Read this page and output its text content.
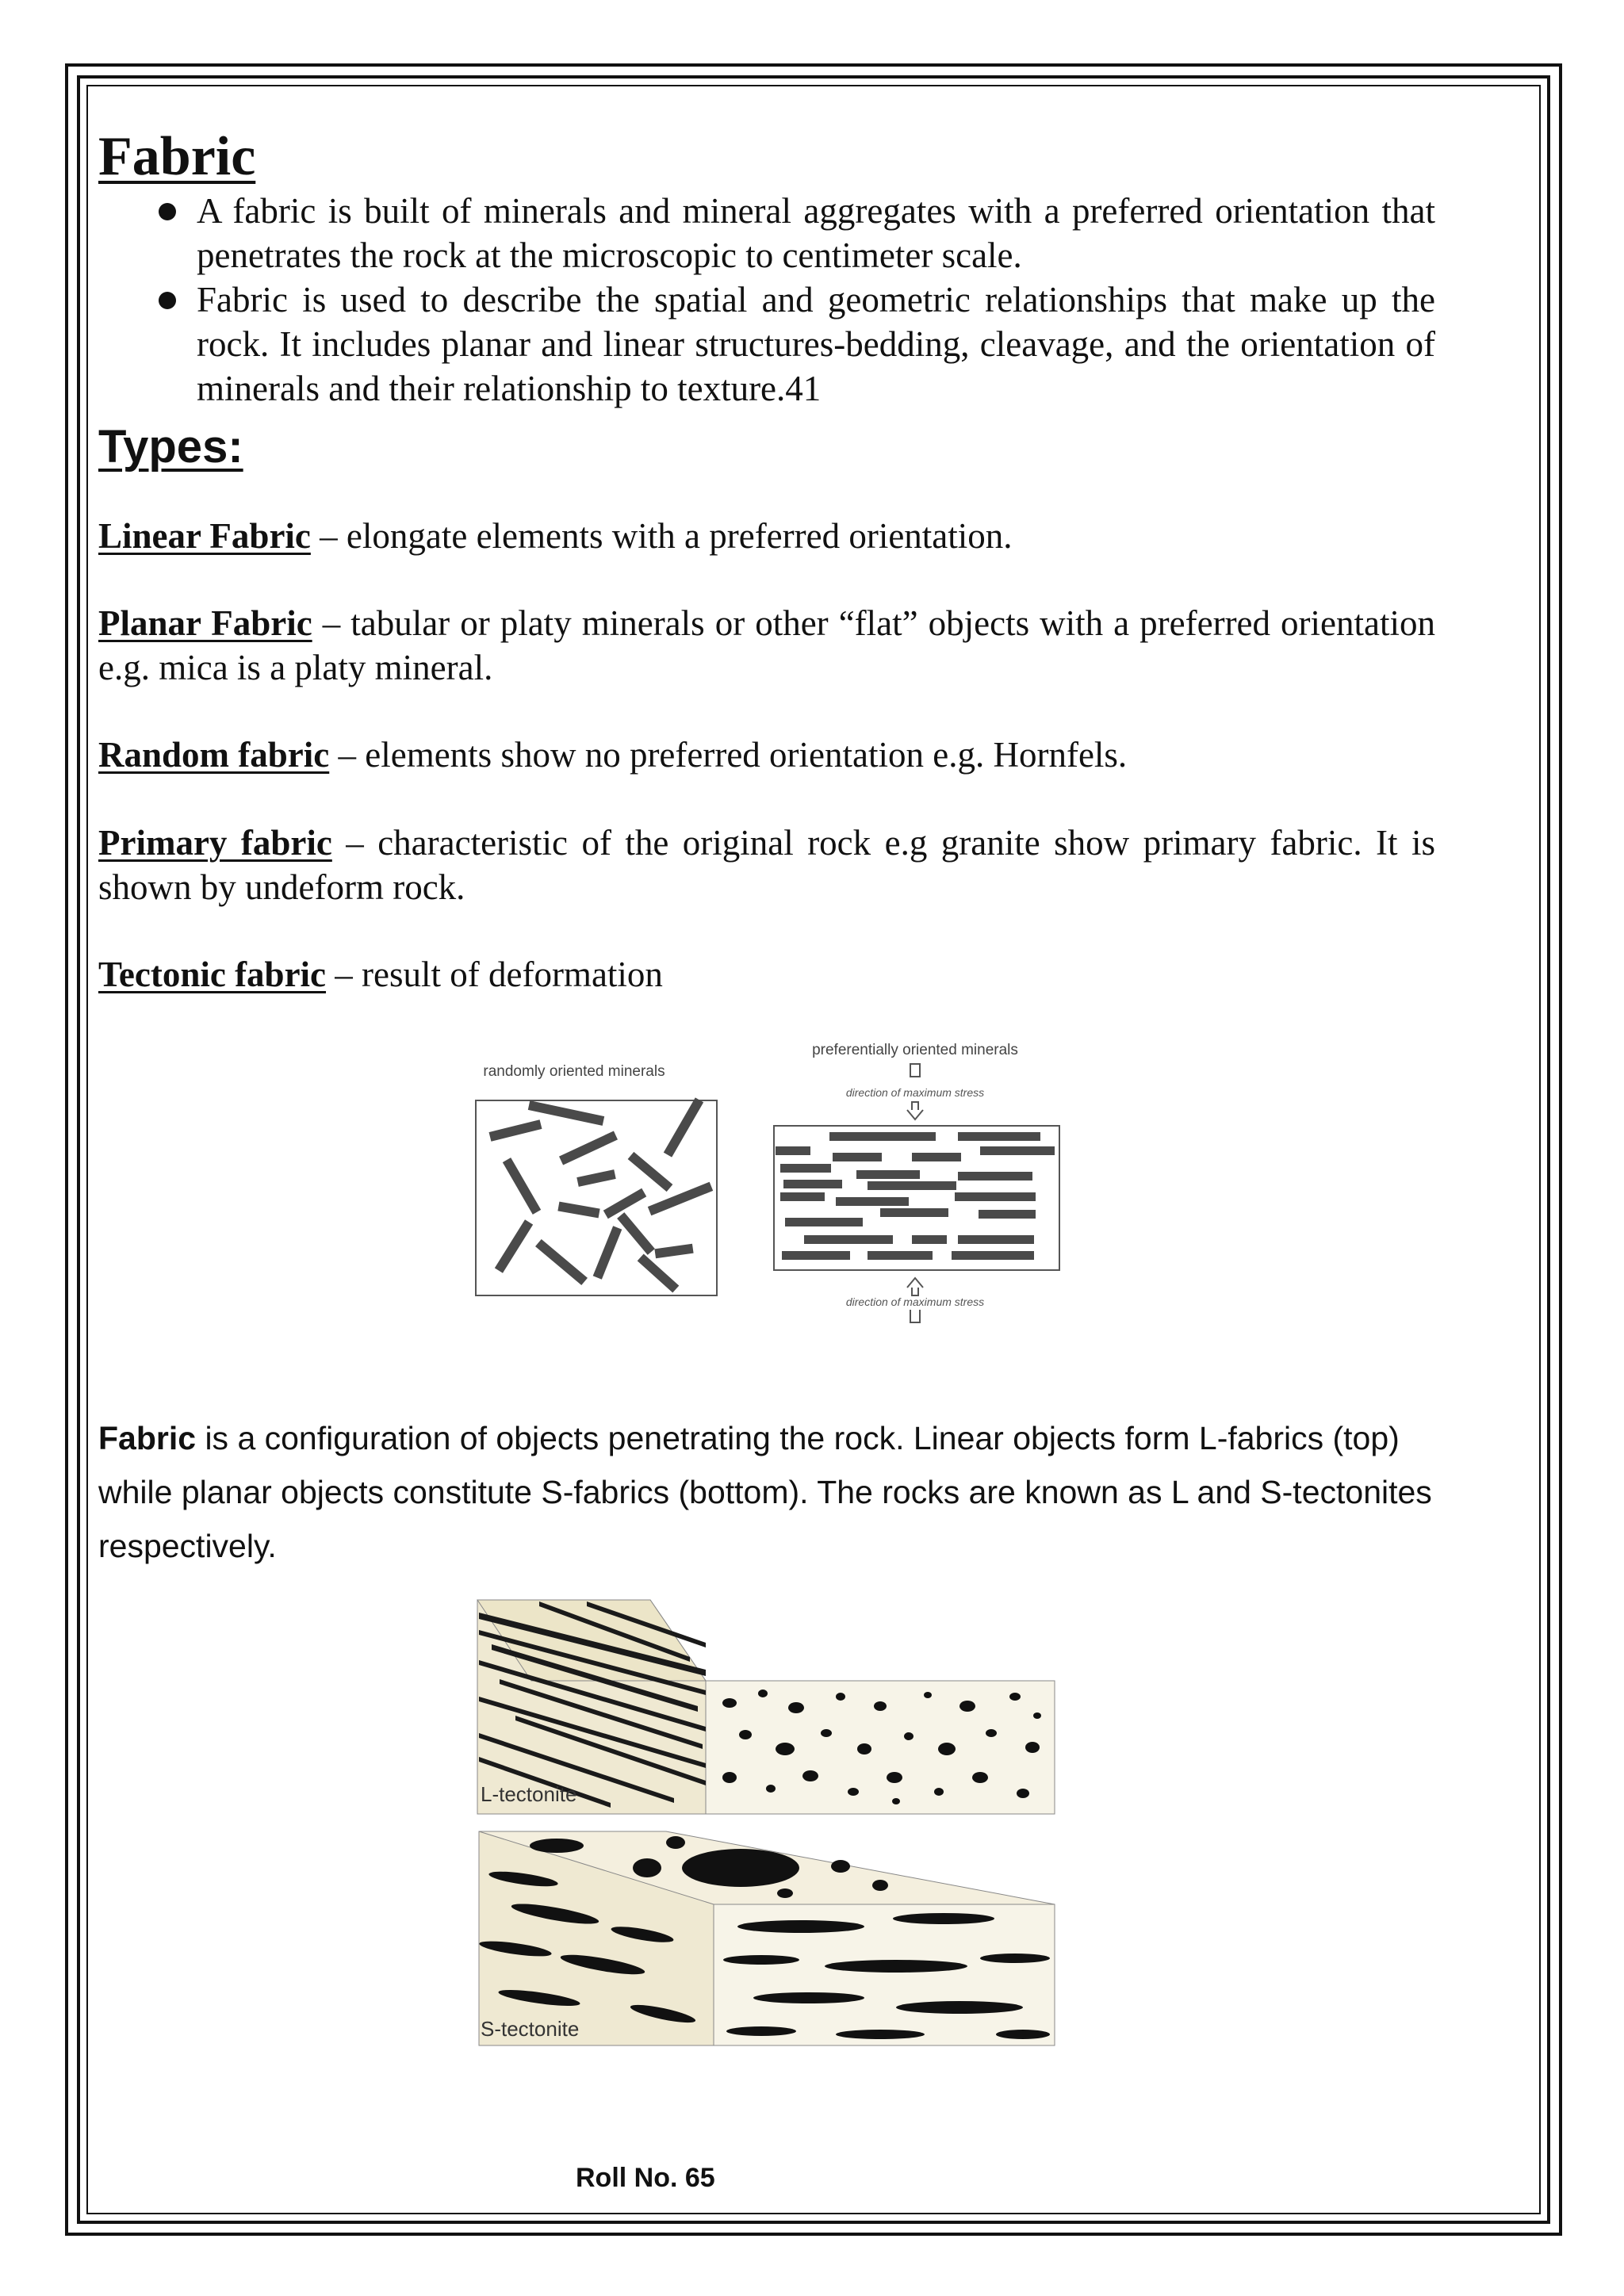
Fabric
A fabric is built of minerals and mineral aggregates with a preferred orientation that penetrates the rock at the microscopic to centimeter scale.
Fabric is used to describe the spatial and geometric relationships that make up the rock. It includes planar and linear structures-bedding, cleavage, and the orientation of minerals and their relationship to texture.41
Types:

Linear Fabric – elongate elements with a preferred orientation.

Planar Fabric – tabular or platy minerals or other “flat” objects with a preferred orientation e.g. mica is a platy mineral.

Random fabric – elements show no preferred orientation e.g. Hornfels.

Primary fabric – characteristic of the original rock e.g granite show primary fabric. It is shown by undeform rock.

Tectonic fabric – result of deformation

randomly oriented minerals
preferentially oriented minerals
direction of maximum stress
direction of maximum stress

Fabric is a configuration of objects penetrating the rock. Linear objects form L-fabrics (top) while planar objects constitute S-fabrics (bottom). The rocks are known as L and S-tectonites respectively.

L-tectonite
S-tectonite
Roll No. 65
